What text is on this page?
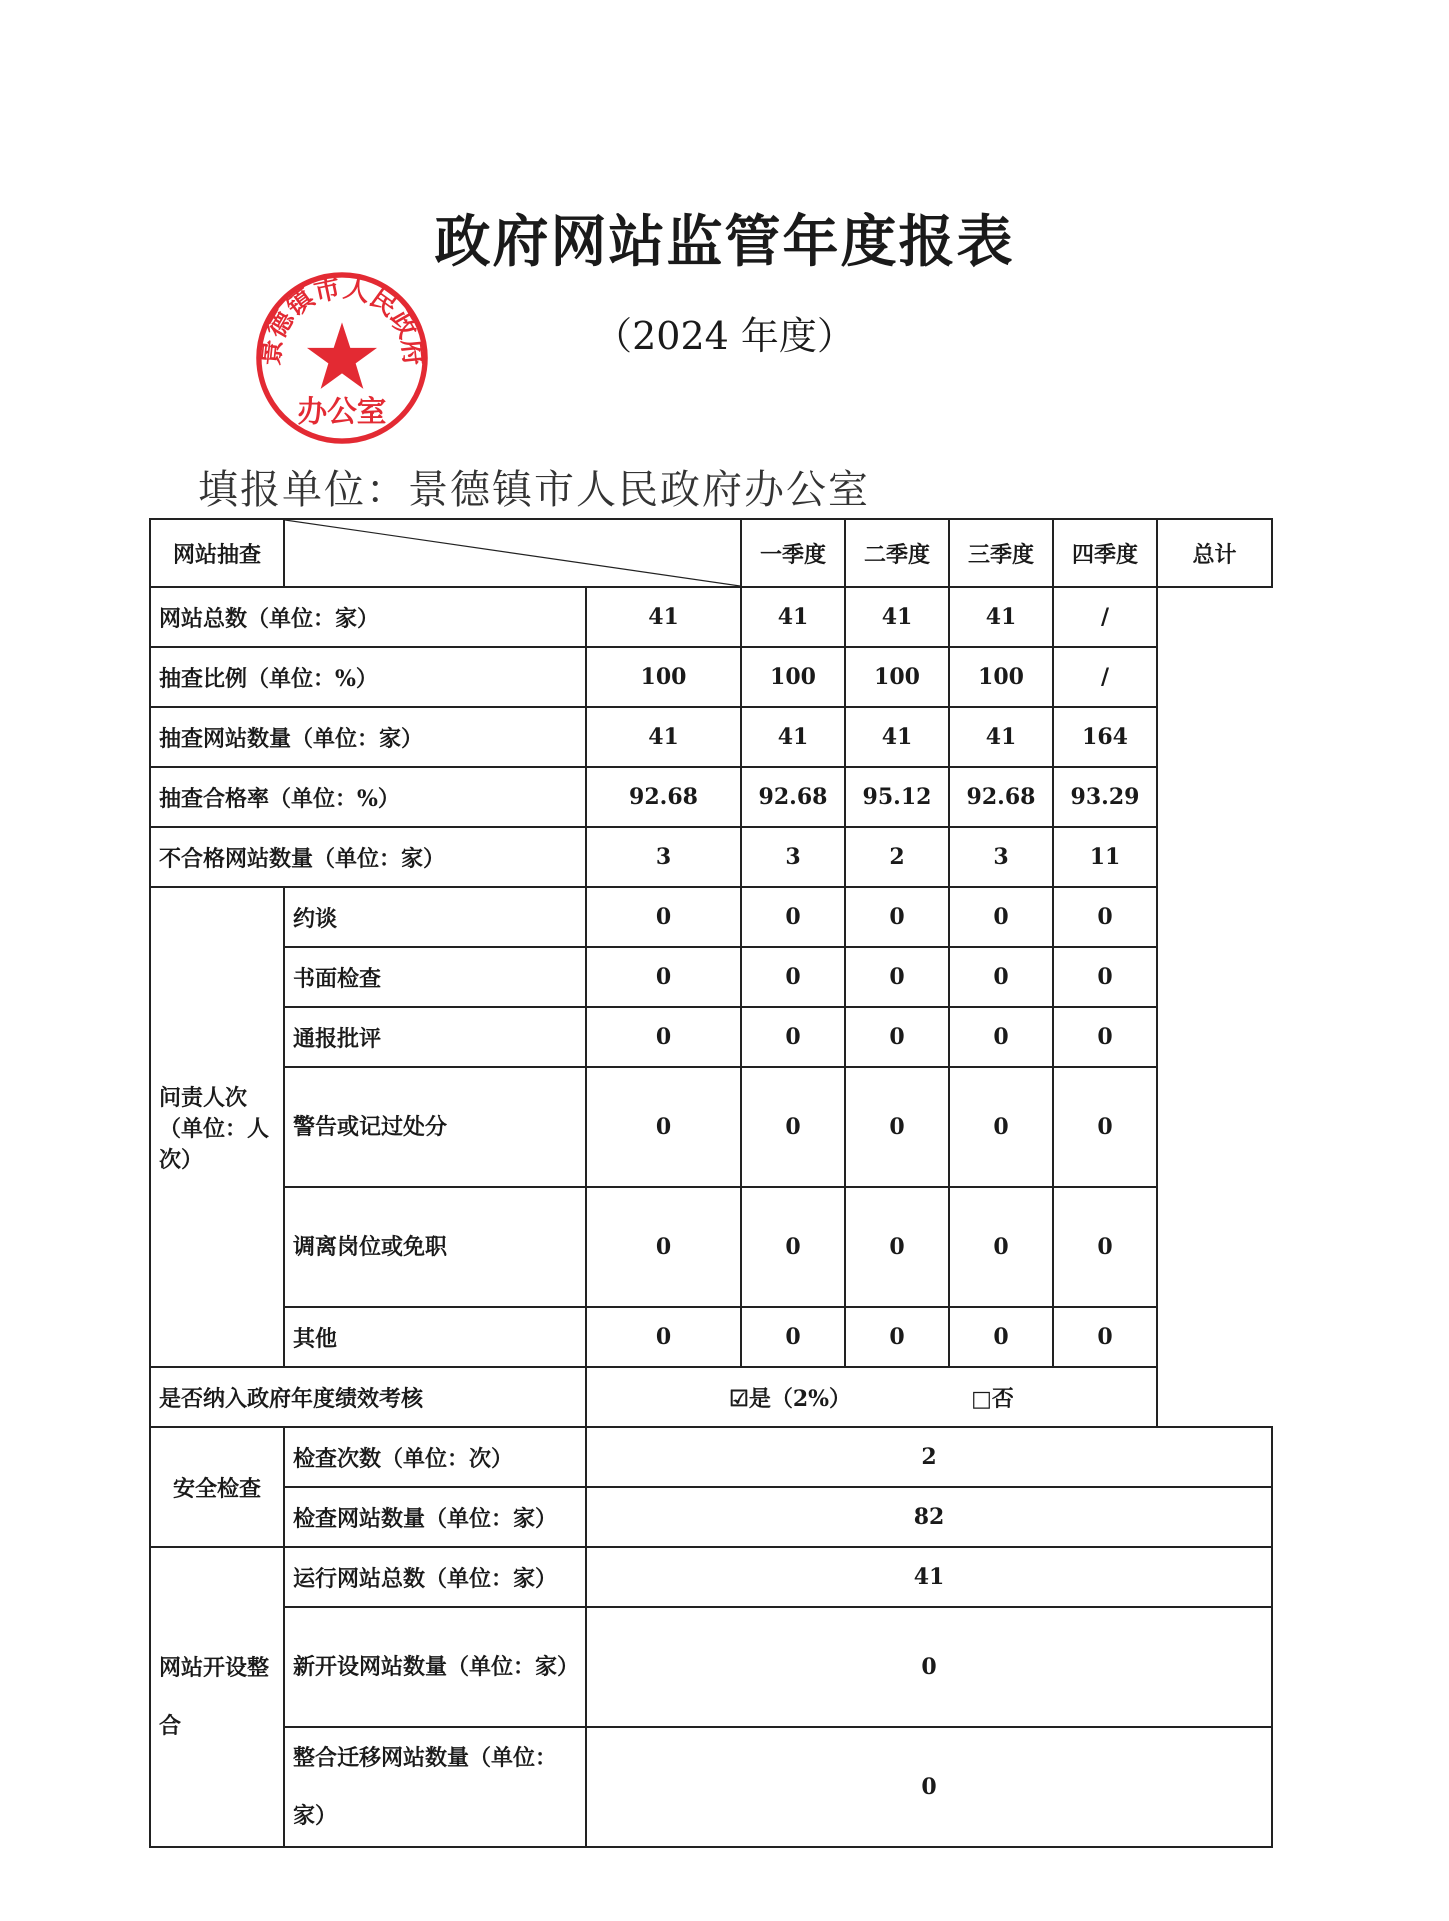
政府网站监管年度报表
（2024 年度）
填报单位：景德镇市人民政府办公室
网站抽查			一季度	二季度	三季度	四季度	总计
网站总数（单位：家）		41	41	41	41	/	
抽查比例（单位：%）		100	100	100	100	/	
抽查网站数量（单位：家）		41	41	41	41	164	
抽查合格率（单位：%）		92.68	92.68	95.12	92.68	93.29	
不合格网站数量（单位：家）		3	3	2	3	11	
问责人次（单位：人次）	约谈	0	0	0	0	0	
	书面检查	0	0	0	0	0	
	通报批评	0	0	0	0	0	
	警告或记过处分	0	0	0	0	0	
	调离岗位或免职	0	0	0	0	0	
	其他	0	0	0	0	0	
是否纳入政府年度绩效考核		☑是（2%） □否					
安全检查	检查次数（单位：次）	2					
	检查网站数量（单位：家）	82					
网站开设整合	运行网站总数（单位：家）	41					
	新开设网站数量（单位：家）	0					
	整合迁移网站数量（单位：家）	0					
景德镇市人民政府
办公室
